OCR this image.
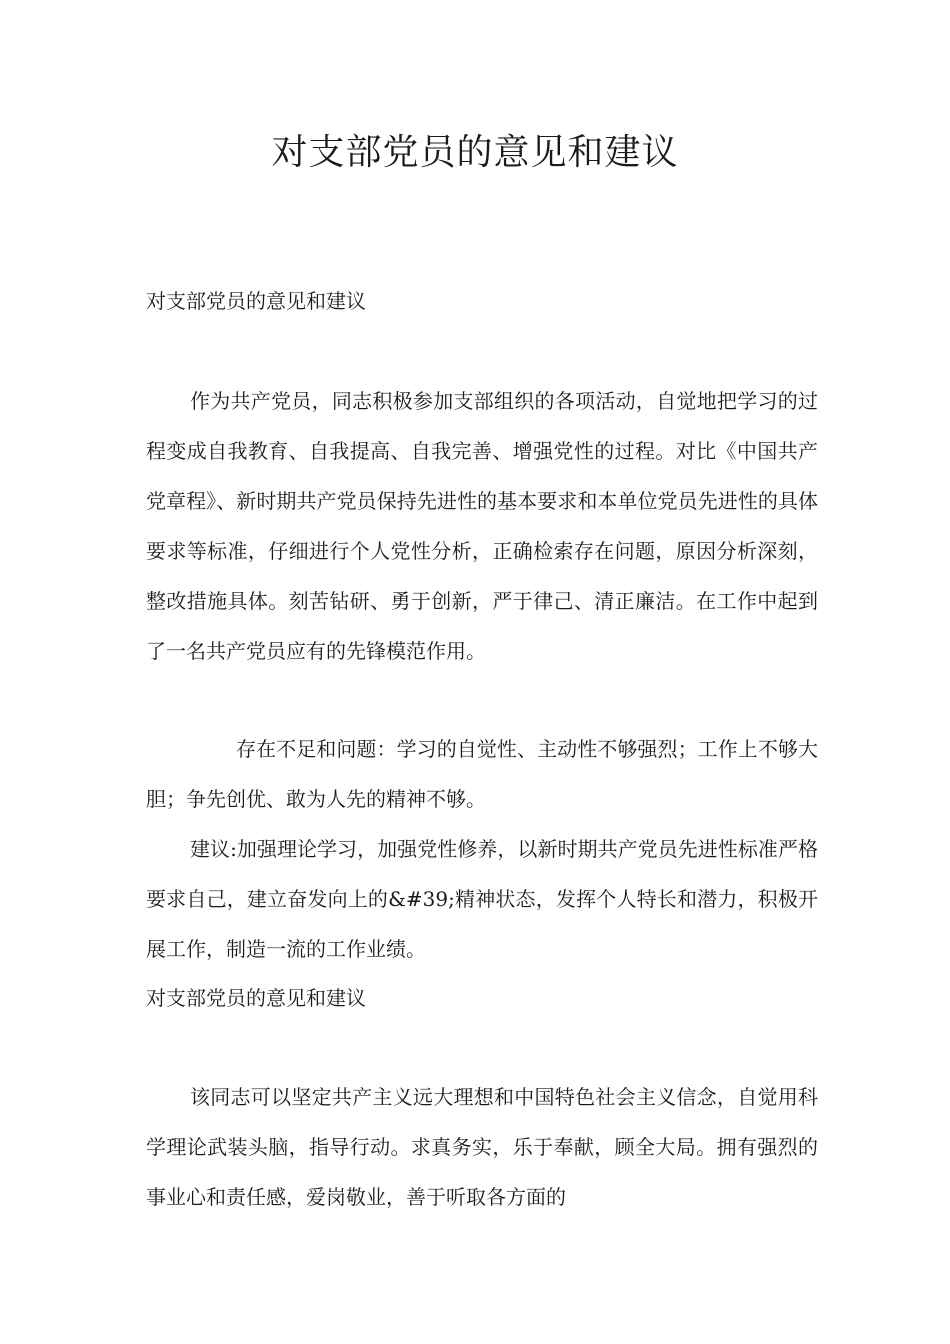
对支部党员的意见和建议

对支部党员的意见和建议

作为共产党员，同志积极参加支部组织的各项活动，自觉地把学习的过程变成自我教育、自我提高、自我完善、增强党性的过程。对比《中国共产党章程》、新时期共产党员保持先进性的基本要求和本单位党员先进性的具体要求等标准，仔细进行个人党性分析，正确检索存在问题，原因分析深刻，整改措施具体。刻苦钻研、勇于创新，严于律己、清正廉洁。在工作中起到了一名共产党员应有的先锋模范作用。

存在不足和问题：学习的自觉性、主动性不够强烈；工作上不够大胆；争先创优、敢为人先的精神不够。

建议:加强理论学习，加强党性修养，以新时期共产党员先进性标准严格要求自己，建立奋发向上的&#39;精神状态，发挥个人特长和潜力，积极开展工作，制造一流的工作业绩。

对支部党员的意见和建议

该同志可以坚定共产主义远大理想和中国特色社会主义信念，自觉用科学理论武装头脑，指导行动。求真务实，乐于奉献，顾全大局。拥有强烈的事业心和责任感，爱岗敬业，善于听取各方面的
